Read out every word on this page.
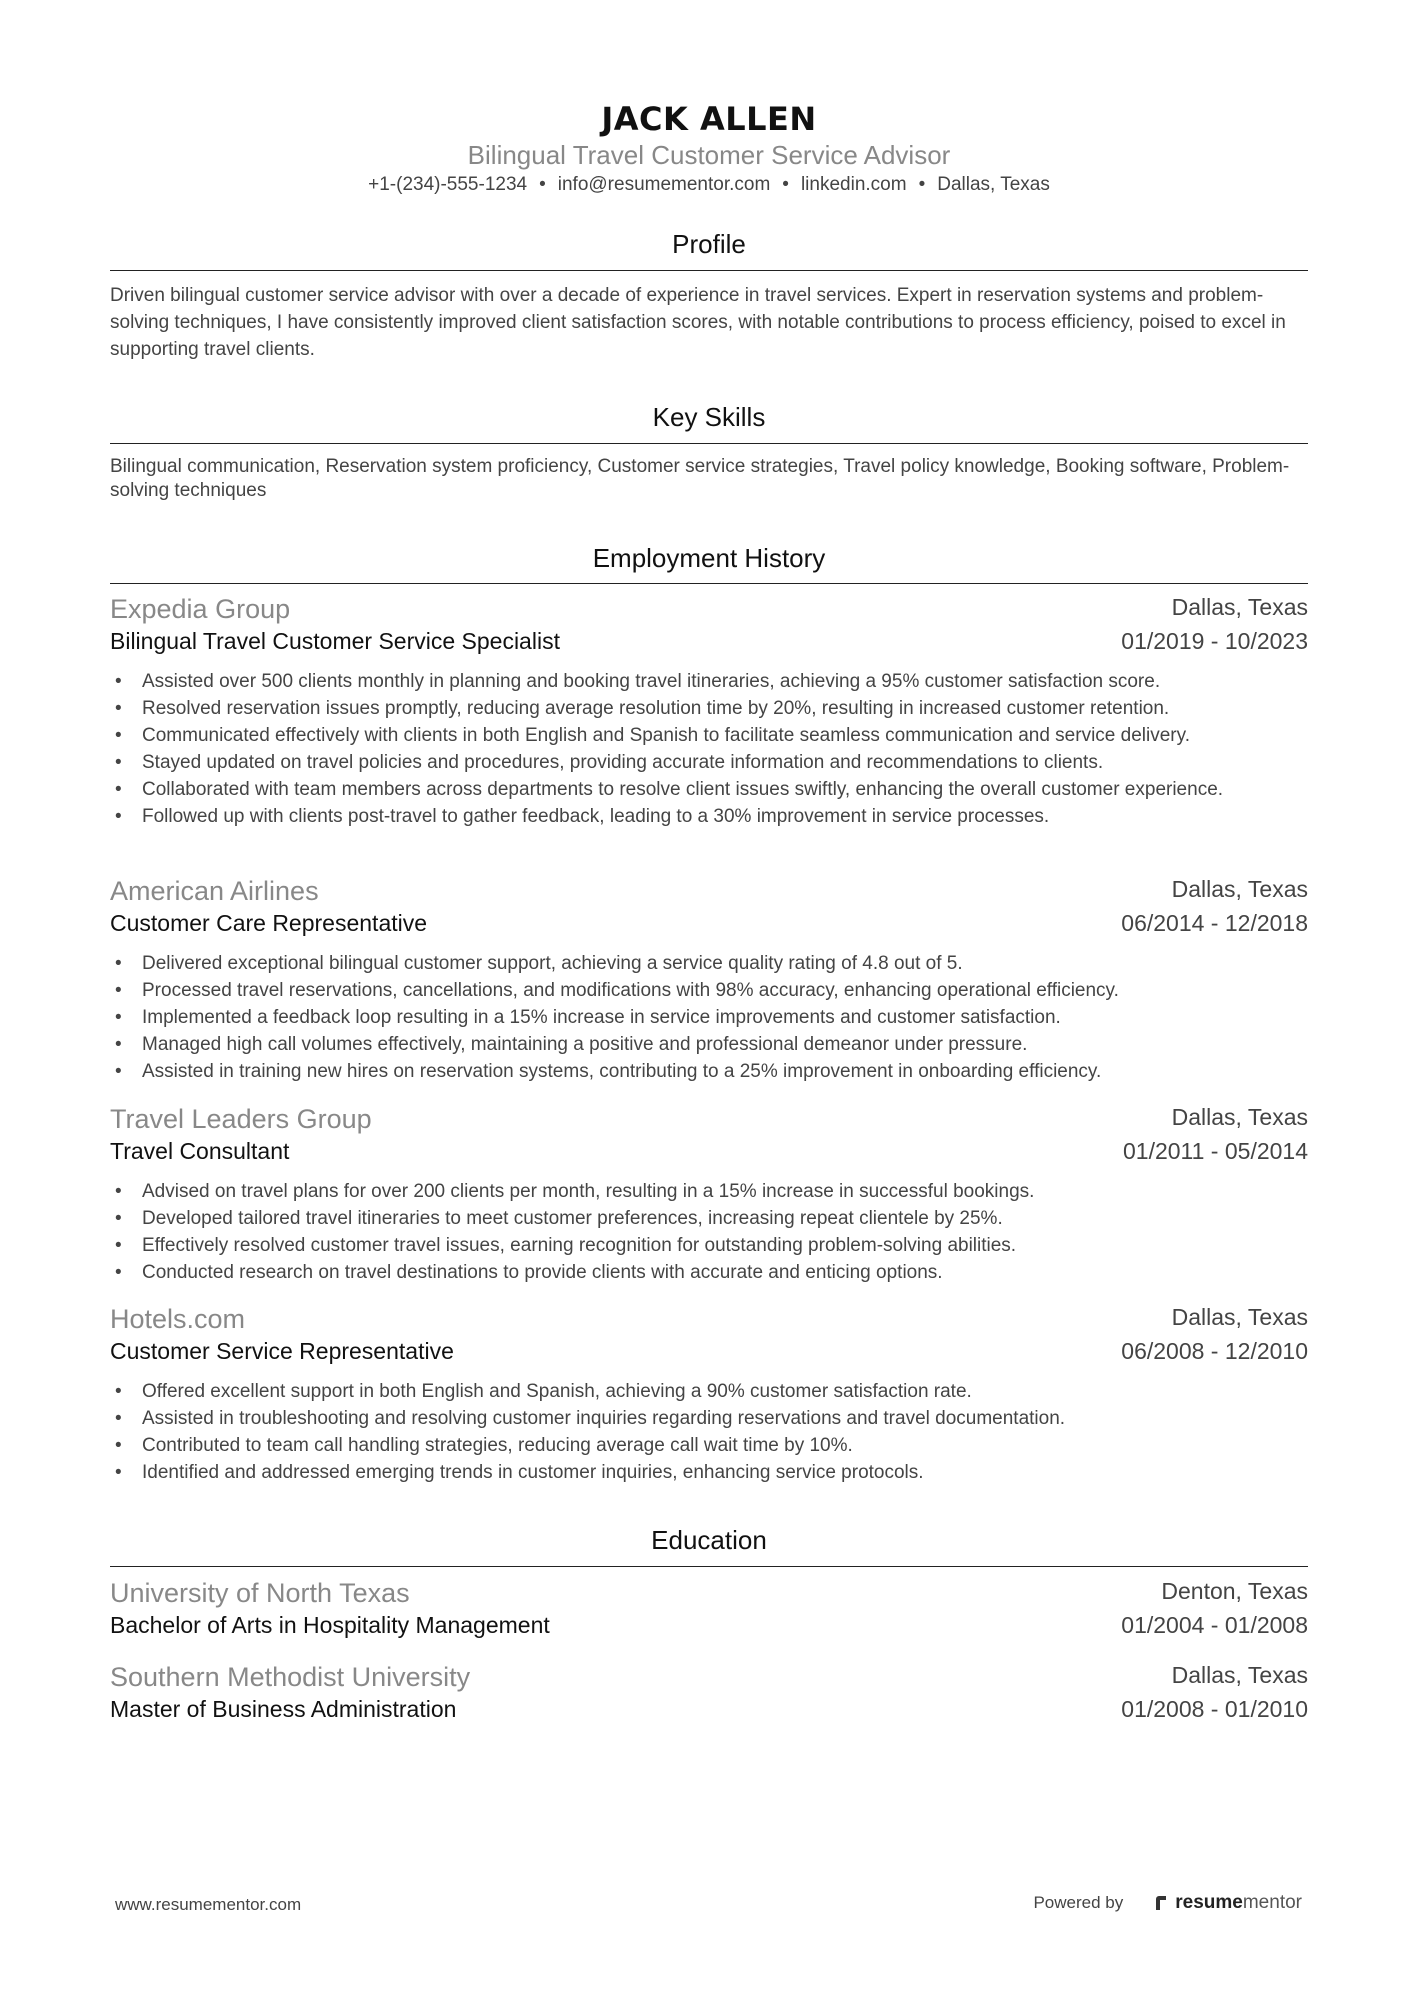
JACK ALLEN
Bilingual Travel Customer Service Advisor
+1-(234)-555-1234 • info@resumementor.com • linkedin.com • Dallas, Texas
Profile
Driven bilingual customer service advisor with over a decade of experience in travel services. Expert in reservation systems and problem-solving techniques, I have consistently improved client satisfaction scores, with notable contributions to process efficiency, poised to excel in supporting travel clients.
Key Skills
Bilingual communication, Reservation system proficiency, Customer service strategies, Travel policy knowledge, Booking software, Problem-solving techniques
Employment History
Expedia Group	Dallas, Texas
Bilingual Travel Customer Service Specialist	01/2019 - 10/2023
• Assisted over 500 clients monthly in planning and booking travel itineraries, achieving a 95% customer satisfaction score.
• Resolved reservation issues promptly, reducing average resolution time by 20%, resulting in increased customer retention.
• Communicated effectively with clients in both English and Spanish to facilitate seamless communication and service delivery.
• Stayed updated on travel policies and procedures, providing accurate information and recommendations to clients.
• Collaborated with team members across departments to resolve client issues swiftly, enhancing the overall customer experience.
• Followed up with clients post-travel to gather feedback, leading to a 30% improvement in service processes.
American Airlines	Dallas, Texas
Customer Care Representative	06/2014 - 12/2018
• Delivered exceptional bilingual customer support, achieving a service quality rating of 4.8 out of 5.
• Processed travel reservations, cancellations, and modifications with 98% accuracy, enhancing operational efficiency.
• Implemented a feedback loop resulting in a 15% increase in service improvements and customer satisfaction.
• Managed high call volumes effectively, maintaining a positive and professional demeanor under pressure.
• Assisted in training new hires on reservation systems, contributing to a 25% improvement in onboarding efficiency.
Travel Leaders Group	Dallas, Texas
Travel Consultant	01/2011 - 05/2014
• Advised on travel plans for over 200 clients per month, resulting in a 15% increase in successful bookings.
• Developed tailored travel itineraries to meet customer preferences, increasing repeat clientele by 25%.
• Effectively resolved customer travel issues, earning recognition for outstanding problem-solving abilities.
• Conducted research on travel destinations to provide clients with accurate and enticing options.
Hotels.com	Dallas, Texas
Customer Service Representative	06/2008 - 12/2010
• Offered excellent support in both English and Spanish, achieving a 90% customer satisfaction rate.
• Assisted in troubleshooting and resolving customer inquiries regarding reservations and travel documentation.
• Contributed to team call handling strategies, reducing average call wait time by 10%.
• Identified and addressed emerging trends in customer inquiries, enhancing service protocols.
Education
University of North Texas	Denton, Texas
Bachelor of Arts in Hospitality Management	01/2004 - 01/2008
Southern Methodist University	Dallas, Texas
Master of Business Administration	01/2008 - 01/2010
www.resumementor.com	Powered by	resume mentor
